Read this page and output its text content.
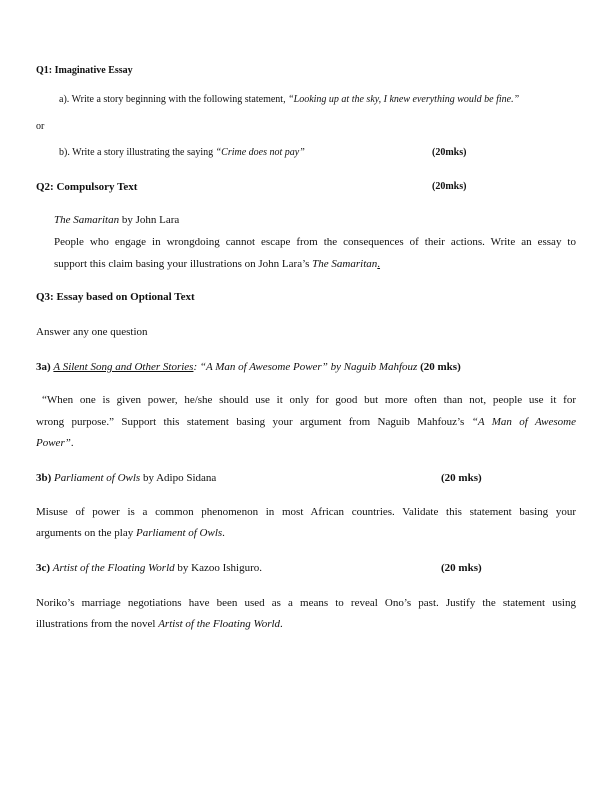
Q1: Imaginative Essay
a). Write a story beginning with the following statement, “Looking up at the sky, I knew everything would be fine.”
or
b). Write a story illustrating the saying “Crime does not pay”	(20mks)
Q2: Compulsory Text	(20mks)
The Samaritan by John Lara
People who engage in wrongdoing cannot escape from the consequences of their actions. Write an essay to
support this claim basing your illustrations on John Lara’s The Samaritan.
Q3: Essay based on Optional Text
Answer any one question
3a) A Silent Song and Other Stories: “A Man of Awesome Power” by Naguib Mahfouz (20 mks)
“When one is given power, he/she should use it only for good but more often than not, people use it for
wrong purpose.” Support this statement basing your argument from Naguib Mahfouz’s “A Man of Awesome
Power”.
3b) Parliament of Owls by Adipo Sidana	(20 mks)
Misuse of power is a common phenomenon in most African countries. Validate this statement basing your
arguments on the play Parliament of Owls.
3c) Artist of the Floating World by Kazoo Ishiguro.	(20 mks)
Noriko’s marriage negotiations have been used as a means to reveal Ono’s past. Justify the statement using
illustrations from the novel Artist of the Floating World.
